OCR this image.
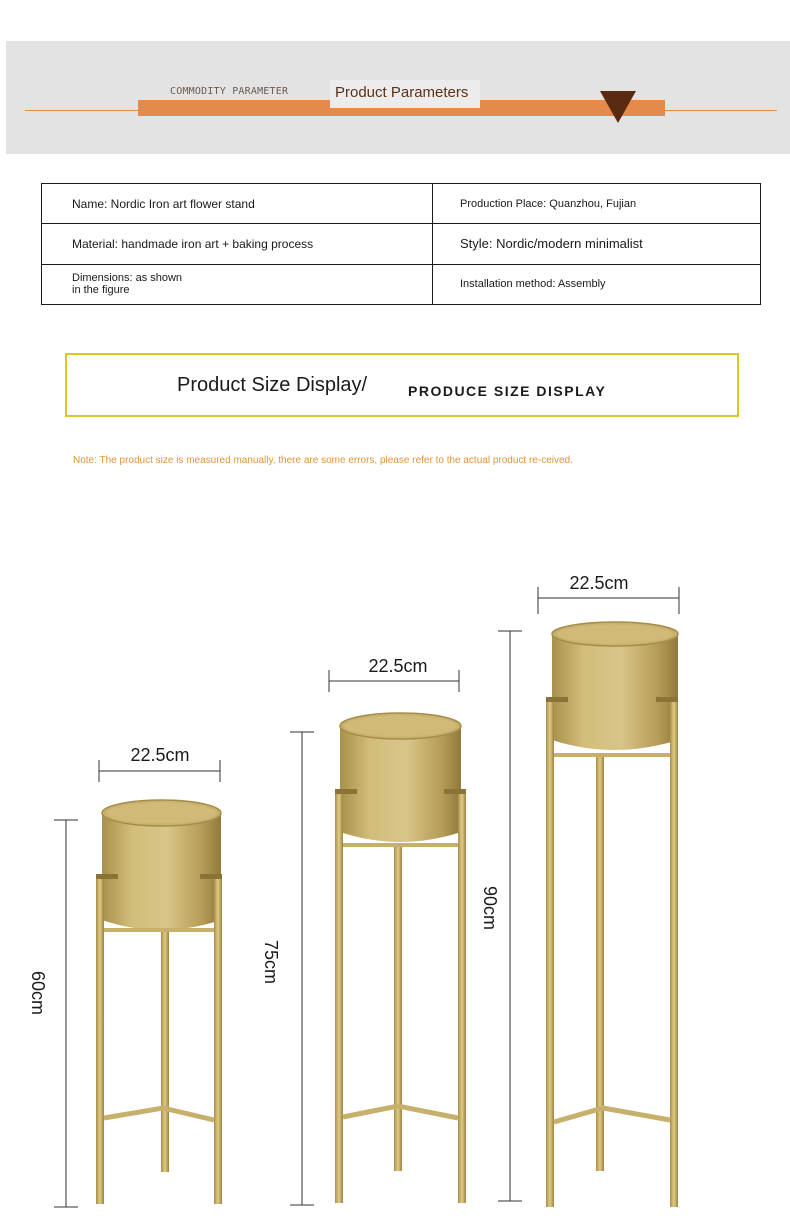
COMMODITY PARAMETER	Product Parameters
Name: Nordic Iron art flower stand	Production Place: Quanzhou, Fujian
Material: handmade iron art + baking process	Style: Nordic/modern minimalist

Dimensions: as shown
in the figure	Installation method: Assembly
Product Size Display/	PRODUCE SIZE DISPLAY
Note: The product size is measured manually, there are some errors, please refer to the actual product re-ceived.
22.5cm
60cm
22.5cm
75cm
22.5cm
90cm
